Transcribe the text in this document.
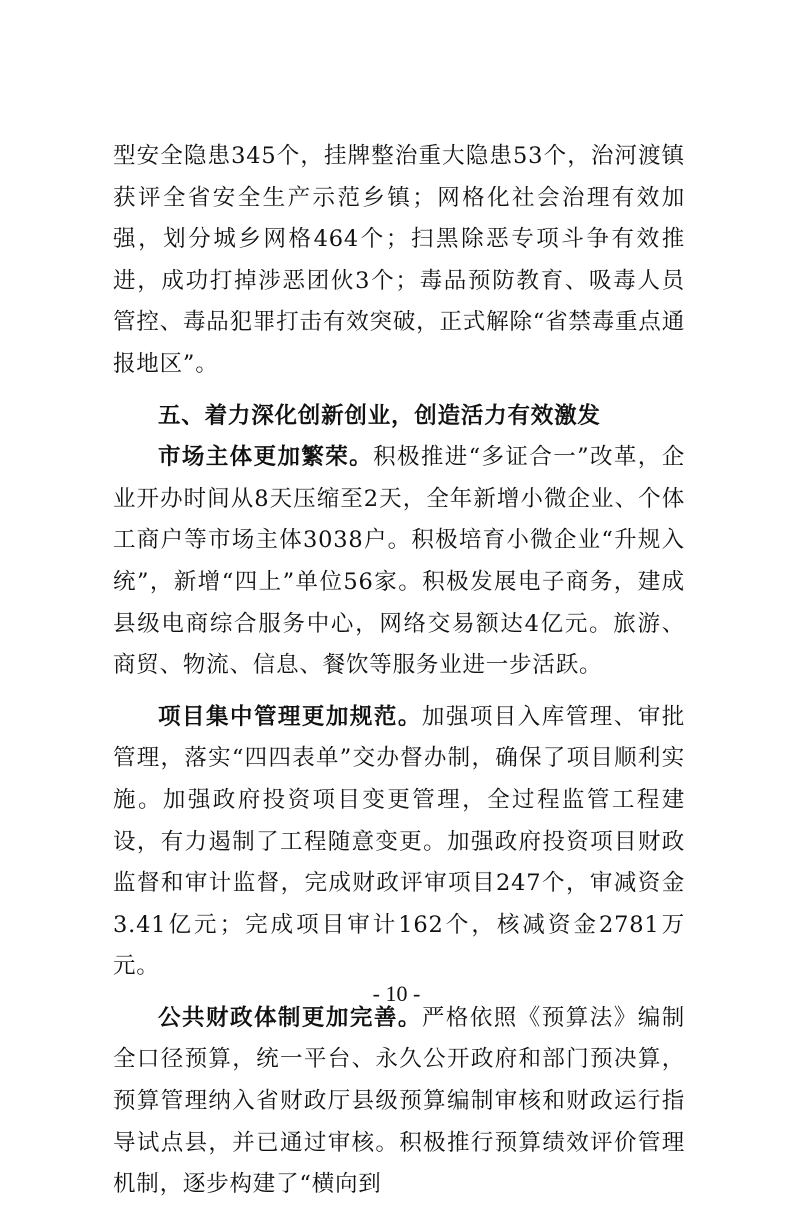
型安全隐患345个，挂牌整治重大隐患53个，治河渡镇获评全省安全生产示范乡镇；网格化社会治理有效加强，划分城乡网格464个；扫黑除恶专项斗争有效推进，成功打掉涉恶团伙3个；毒品预防教育、吸毒人员管控、毒品犯罪打击有效突破，正式解除“省禁毒重点通报地区”。

五、着力深化创新创业，创造活力有效激发

市场主体更加繁荣。积极推进“多证合一”改革，企业开办时间从8天压缩至2天，全年新增小微企业、个体工商户等市场主体3038户。积极培育小微企业“升规入统”，新增“四上”单位56家。积极发展电子商务，建成县级电商综合服务中心，网络交易额达4亿元。旅游、商贸、物流、信息、餐饮等服务业进一步活跃。

项目集中管理更加规范。加强项目入库管理、审批管理，落实“四四表单”交办督办制，确保了项目顺利实施。加强政府投资项目变更管理，全过程监管工程建设，有力遏制了工程随意变更。加强政府投资项目财政监督和审计监督，完成财政评审项目247个，审减资金3.41亿元；完成项目审计162个，核减资金2781万元。

公共财政体制更加完善。严格依照《预算法》编制全口径预算，统一平台、永久公开政府和部门预决算，预算管理纳入省财政厅县级预算编制审核和财政运行指导试点县，并已通过审核。积极推行预算绩效评价管理机制，逐步构建了“横向到

- 10 -
